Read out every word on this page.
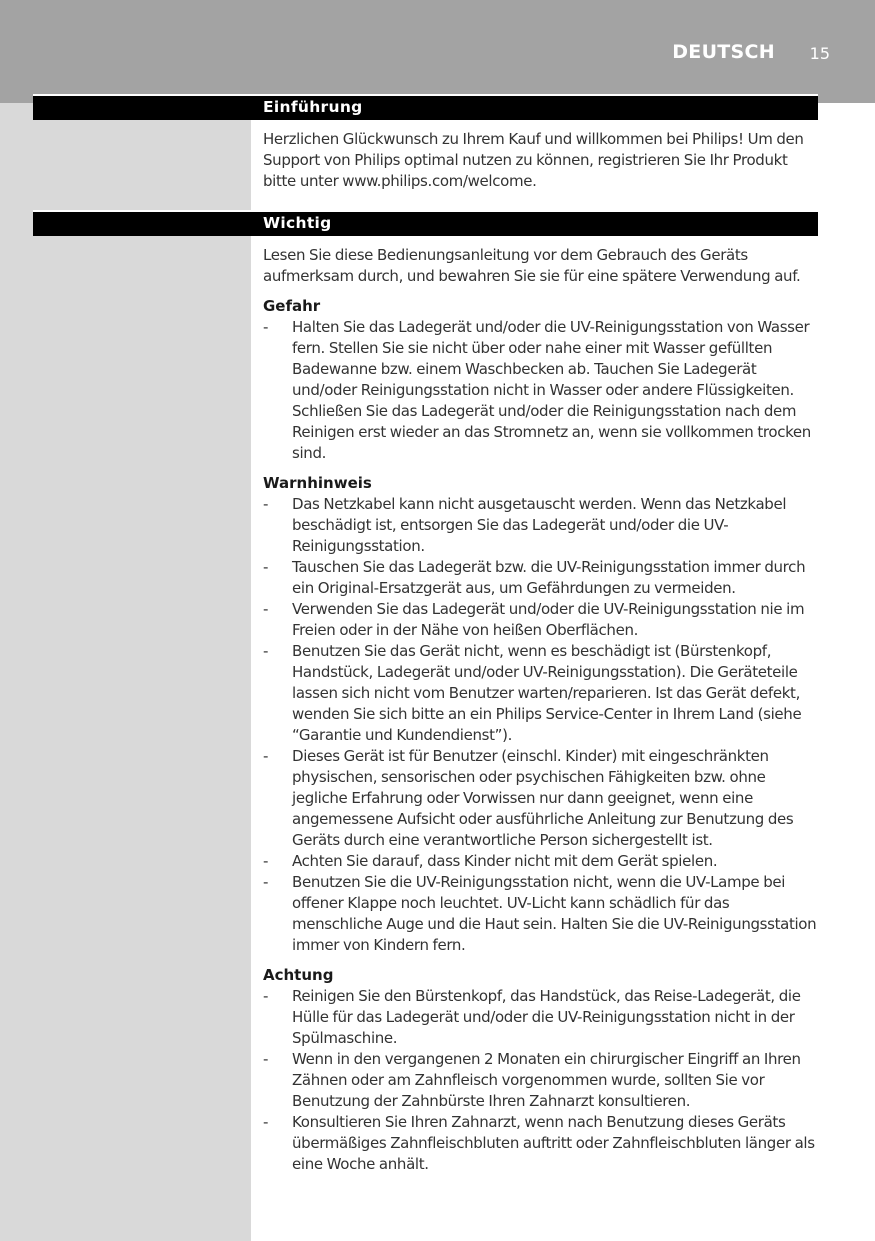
DEUTSCH 15
Einführung

Herzlichen Glückwunsch zu Ihrem Kauf und willkommen bei Philips! Um den Support von Philips optimal nutzen zu können, registrieren Sie Ihr Produkt bitte unter www.philips.com/welcome.

Wichtig

Lesen Sie diese Bedienungsanleitung vor dem Gebrauch des Geräts aufmerksam durch, und bewahren Sie sie für eine spätere Verwendung auf.

Gefahr

- Halten Sie das Ladegerät und/oder die UV-Reinigungsstation von Wasser fern. Stellen Sie sie nicht über oder nahe einer mit Wasser gefüllten Badewanne bzw. einem Waschbecken ab. Tauchen Sie Ladegerät und/oder Reinigungsstation nicht in Wasser oder andere Flüssigkeiten. Schließen Sie das Ladegerät und/oder die Reinigungsstation nach dem Reinigen erst wieder an das Stromnetz an, wenn sie vollkommen trocken sind.

Warnhinweis

- Das Netzkabel kann nicht ausgetauscht werden. Wenn das Netzkabel beschädigt ist, entsorgen Sie das Ladegerät und/oder die UV-Reinigungsstation.
- Tauschen Sie das Ladegerät bzw. die UV-Reinigungsstation immer durch ein Original-Ersatzgerät aus, um Gefährdungen zu vermeiden.
- Verwenden Sie das Ladegerät und/oder die UV-Reinigungsstation nie im Freien oder in der Nähe von heißen Oberflächen.
- Benutzen Sie das Gerät nicht, wenn es beschädigt ist (Bürstenkopf, Handstück, Ladegerät und/oder UV-Reinigungsstation). Die Geräteteile lassen sich nicht vom Benutzer warten/reparieren. Ist das Gerät defekt, wenden Sie sich bitte an ein Philips Service-Center in Ihrem Land (siehe “Garantie und Kundendienst”).
- Dieses Gerät ist für Benutzer (einschl. Kinder) mit eingeschränkten physischen, sensorischen oder psychischen Fähigkeiten bzw. ohne jegliche Erfahrung oder Vorwissen nur dann geeignet, wenn eine angemessene Aufsicht oder ausführliche Anleitung zur Benutzung des Geräts durch eine verantwortliche Person sichergestellt ist.
- Achten Sie darauf, dass Kinder nicht mit dem Gerät spielen.
- Benutzen Sie die UV-Reinigungsstation nicht, wenn die UV-Lampe bei offener Klappe noch leuchtet. UV-Licht kann schädlich für das menschliche Auge und die Haut sein. Halten Sie die UV-Reinigungsstation immer von Kindern fern.

Achtung

- Reinigen Sie den Bürstenkopf, das Handstück, das Reise-Ladegerät, die Hülle für das Ladegerät und/oder die UV-Reinigungsstation nicht in der Spülmaschine.
- Wenn in den vergangenen 2 Monaten ein chirurgischer Eingriff an Ihren Zähnen oder am Zahnfleisch vorgenommen wurde, sollten Sie vor Benutzung der Zahnbürste Ihren Zahnarzt konsultieren.
- Konsultieren Sie Ihren Zahnarzt, wenn nach Benutzung dieses Geräts übermäßiges Zahnfleischbluten auftritt oder Zahnfleischbluten länger als eine Woche anhält.
